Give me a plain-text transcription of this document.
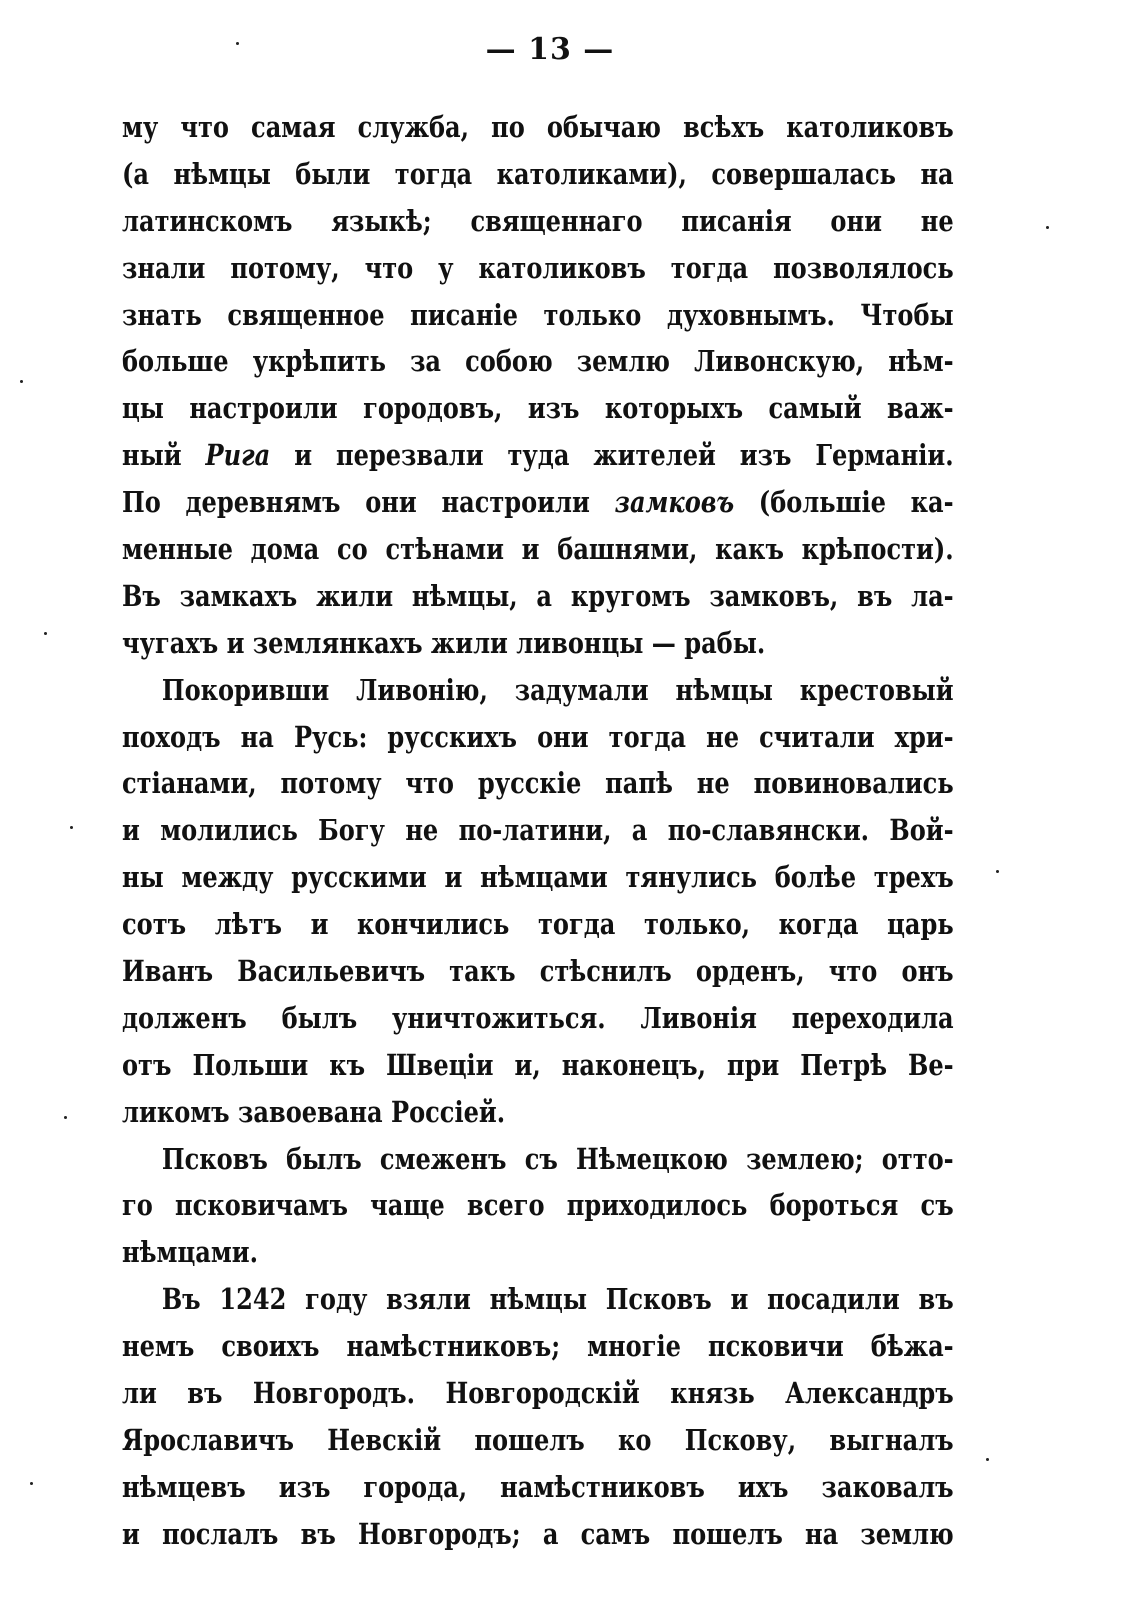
— 13 —
му что самая служба, по обычаю всѣхъ католиковъ
(а нѣмцы были тогда католиками), совершалась на
латинскомъ языкѣ; священнаго писанія они не
знали потому, что у католиковъ тогда позволялось
знать священное писаніе только духовнымъ. Чтобы
больше укрѣпить за собою землю Ливонскую, нѣм-
цы настроили городовъ, изъ которыхъ самый важ-
ный Рига и перезвали туда жителей изъ Германіи.
По деревнямъ они настроили замковъ (большіе ка-
менные дома со стѣнами и башнями, какъ крѣпости).
Въ замкахъ жили нѣмцы, а кругомъ замковъ, въ ла-
чугахъ и землянкахъ жили ливонцы — рабы.
Покоривши Ливонію, задумали нѣмцы крестовый
походъ на Русь: русскихъ они тогда не считали хри-
стіанами, потому что русскіе папѣ не повиновались
и молились Богу не по-латини, а по-славянски. Вой-
ны между русскими и нѣмцами тянулись болѣе трехъ
сотъ лѣтъ и кончились тогда только, когда царь
Иванъ Васильевичъ такъ стѣснилъ орденъ, что онъ
долженъ былъ уничтожиться. Ливонія переходила
отъ Польши къ Швеціи и, наконецъ, при Петрѣ Ве-
ликомъ завоевана Россіей.
Псковъ былъ смеженъ съ Нѣмецкою землею; отто-
го псковичамъ чаще всего приходилось бороться съ
нѣмцами.
Въ 1242 году взяли нѣмцы Псковъ и посадили въ
немъ своихъ намѣстниковъ; многіе псковичи бѣжа-
ли въ Новгородъ. Новгородскій князь Александръ
Ярославичъ Невскій пошелъ ко Пскову, выгналъ
нѣмцевъ изъ города, намѣстниковъ ихъ заковалъ
и послалъ въ Новгородъ; а самъ пошелъ на землю
